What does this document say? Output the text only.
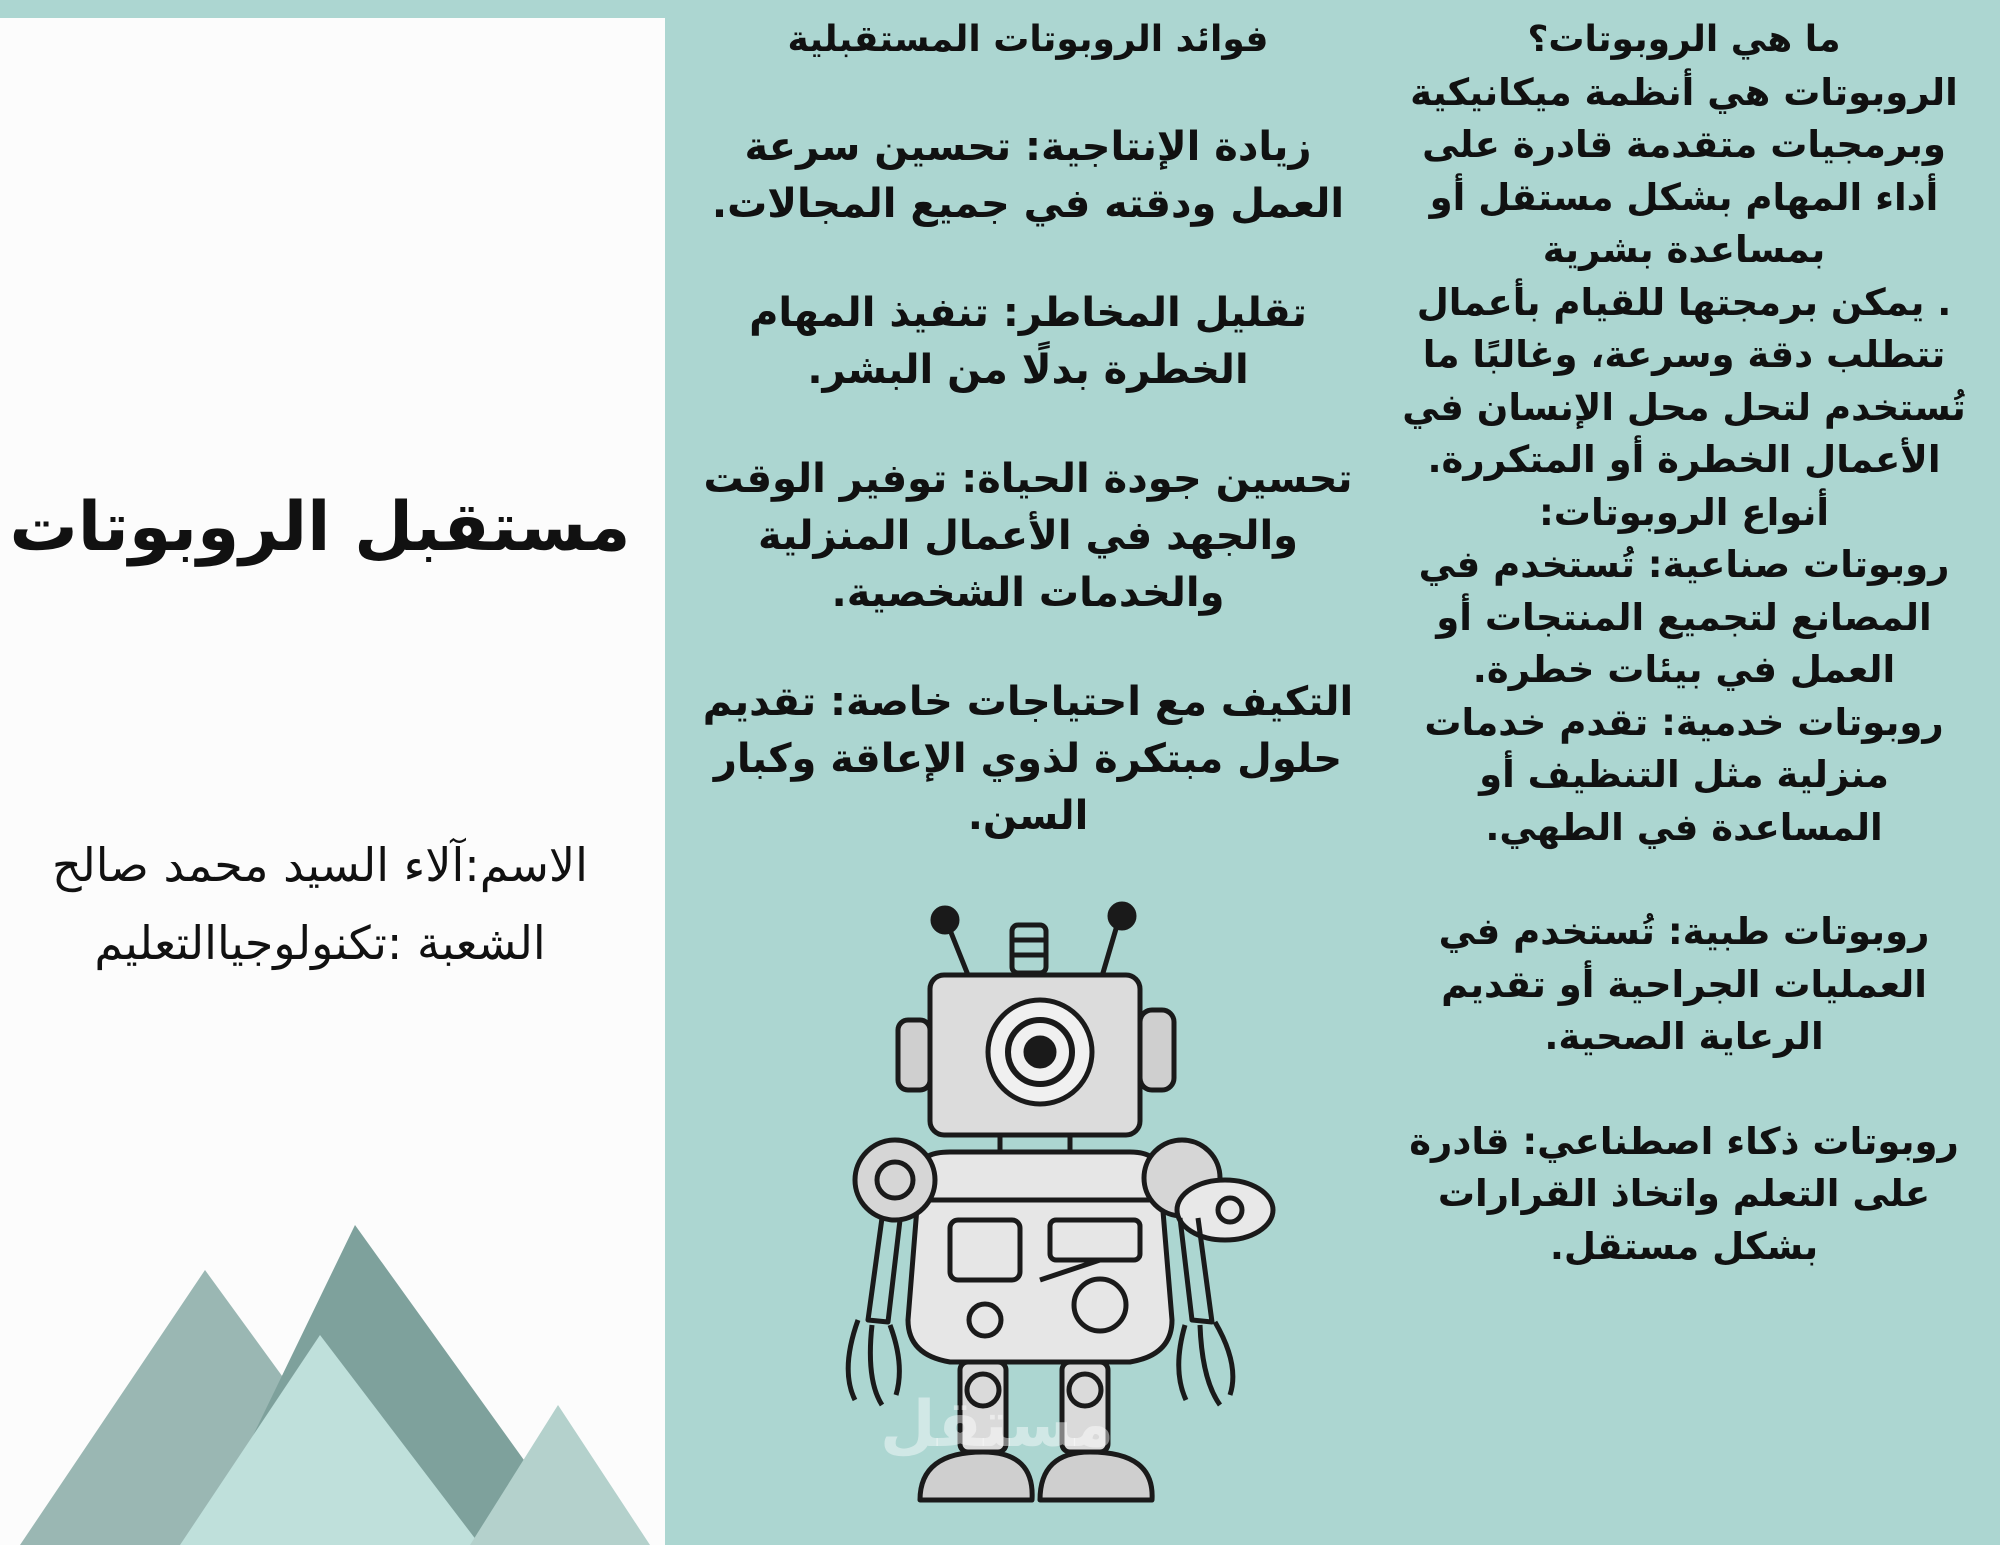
مستقبل الروبوتات
الاسم:آلاء السيد محمد صالح
الشعبة :تكنولوجياالتعليم

ما هي الروبوتات؟

الروبوتات هي أنظمة ميكانيكية وبرمجيات متقدمة قادرة على أداء المهام بشكل مستقل أو بمساعدة بشرية

. يمكن برمجتها للقيام بأعمال تتطلب دقة وسرعة، وغالبًا ما تُستخدم لتحل محل الإنسان في الأعمال الخطرة أو المتكررة.

أنواع الروبوتات:

روبوتات صناعية: تُستخدم في المصانع لتجميع المنتجات أو العمل في بيئات خطرة.

روبوتات خدمية: تقدم خدمات منزلية مثل التنظيف أو المساعدة في الطهي.

روبوتات طبية: تُستخدم في العمليات الجراحية أو تقديم الرعاية الصحية.

روبوتات ذكاء اصطناعي: قادرة على التعلم واتخاذ القرارات بشكل مستقل.

فوائد الروبوتات المستقبلية

زيادة الإنتاجية: تحسين سرعة العمل ودقته في جميع المجالات.

تقليل المخاطر: تنفيذ المهام الخطرة بدلًا من البشر.

تحسين جودة الحياة: توفير الوقت والجهد في الأعمال المنزلية والخدمات الشخصية.

التكيف مع احتياجات خاصة: تقديم حلول مبتكرة لذوي الإعاقة وكبار السن.

مستقل
